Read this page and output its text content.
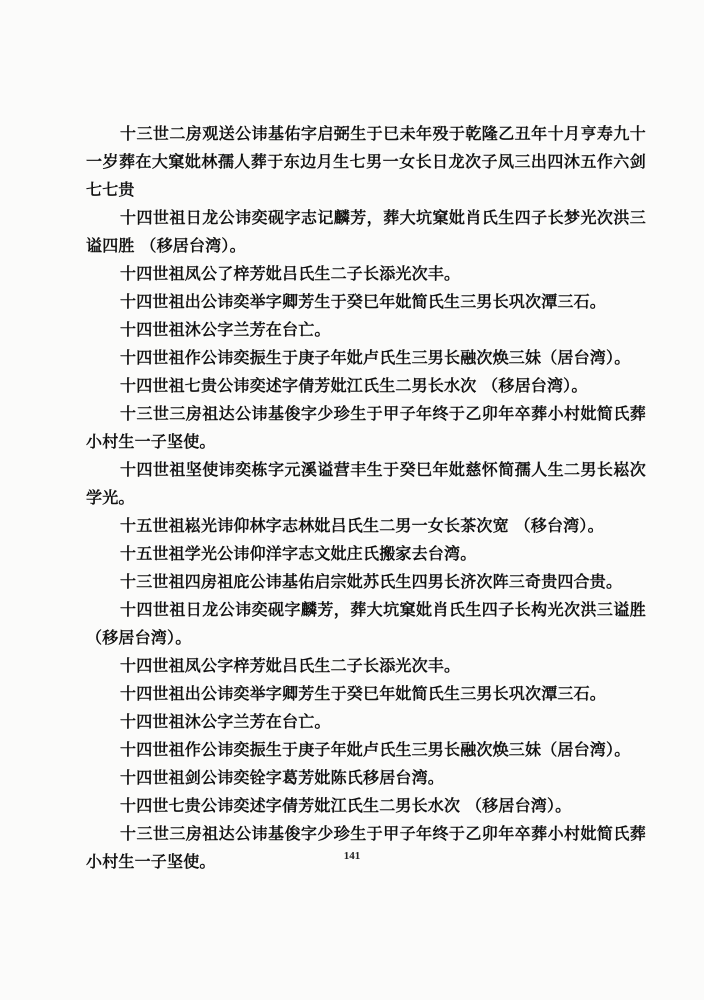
十三世二房观送公讳基佑字启弼生于巳未年殁于乾隆乙丑年十月亨寿九十一岁葬在大窠妣林孺人葬于东边月生七男一女长日龙次子凤三出四沐五作六剑七七贵

十四世祖日龙公讳奕砚字志记麟芳，葬大坑窠妣肖氏生四子长梦光次洪三谥四胜 （移居台湾）。

十四世祖凤公了梓芳妣吕氏生二子长添光次丰。

十四世祖出公讳奕举字卿芳生于癸巳年妣简氏生三男长巩次潭三石。

十四世祖沐公字兰芳在台亡。

十四世祖作公讳奕振生于庚子年妣卢氏生三男长融次焕三妹（居台湾）。

十四世祖七贵公讳奕述字倩芳妣江氏生二男长水次 （移居台湾）。

十三世三房祖达公讳基俊字少珍生于甲子年终于乙卯年卒葬小村妣简氏葬小村生一子坚使。

十四世祖坚使讳奕栋字元溪谥营丰生于癸巳年妣慈怀简孺人生二男长崧次学光。

十五世祖崧光讳仰林字志林妣吕氏生二男一女长茶次宽 （移台湾）。

十五世祖学光公讳仰洋字志文妣庄氏搬家去台湾。

十三世祖四房祖庇公讳基佑启宗妣苏氏生四男长济次阵三奇贵四合贵。

十四世祖日龙公讳奕砚字麟芳，葬大坑窠妣肖氏生四子长构光次洪三谥胜 （移居台湾）。

十四世祖凤公字梓芳妣吕氏生二子长添光次丰。

十四世祖出公讳奕举字卿芳生于癸巳年妣简氏生三男长巩次潭三石。

十四世祖沐公字兰芳在台亡。

十四世祖作公讳奕振生于庚子年妣卢氏生三男长融次焕三妹（居台湾）。

十四世祖剑公讳奕铨字葛芳妣陈氏移居台湾。

十四世七贵公讳奕述字倩芳妣江氏生二男长水次 （移居台湾）。

十三世三房祖达公讳基俊字少珍生于甲子年终于乙卯年卒葬小村妣简氏葬小村生一子坚使。	141
